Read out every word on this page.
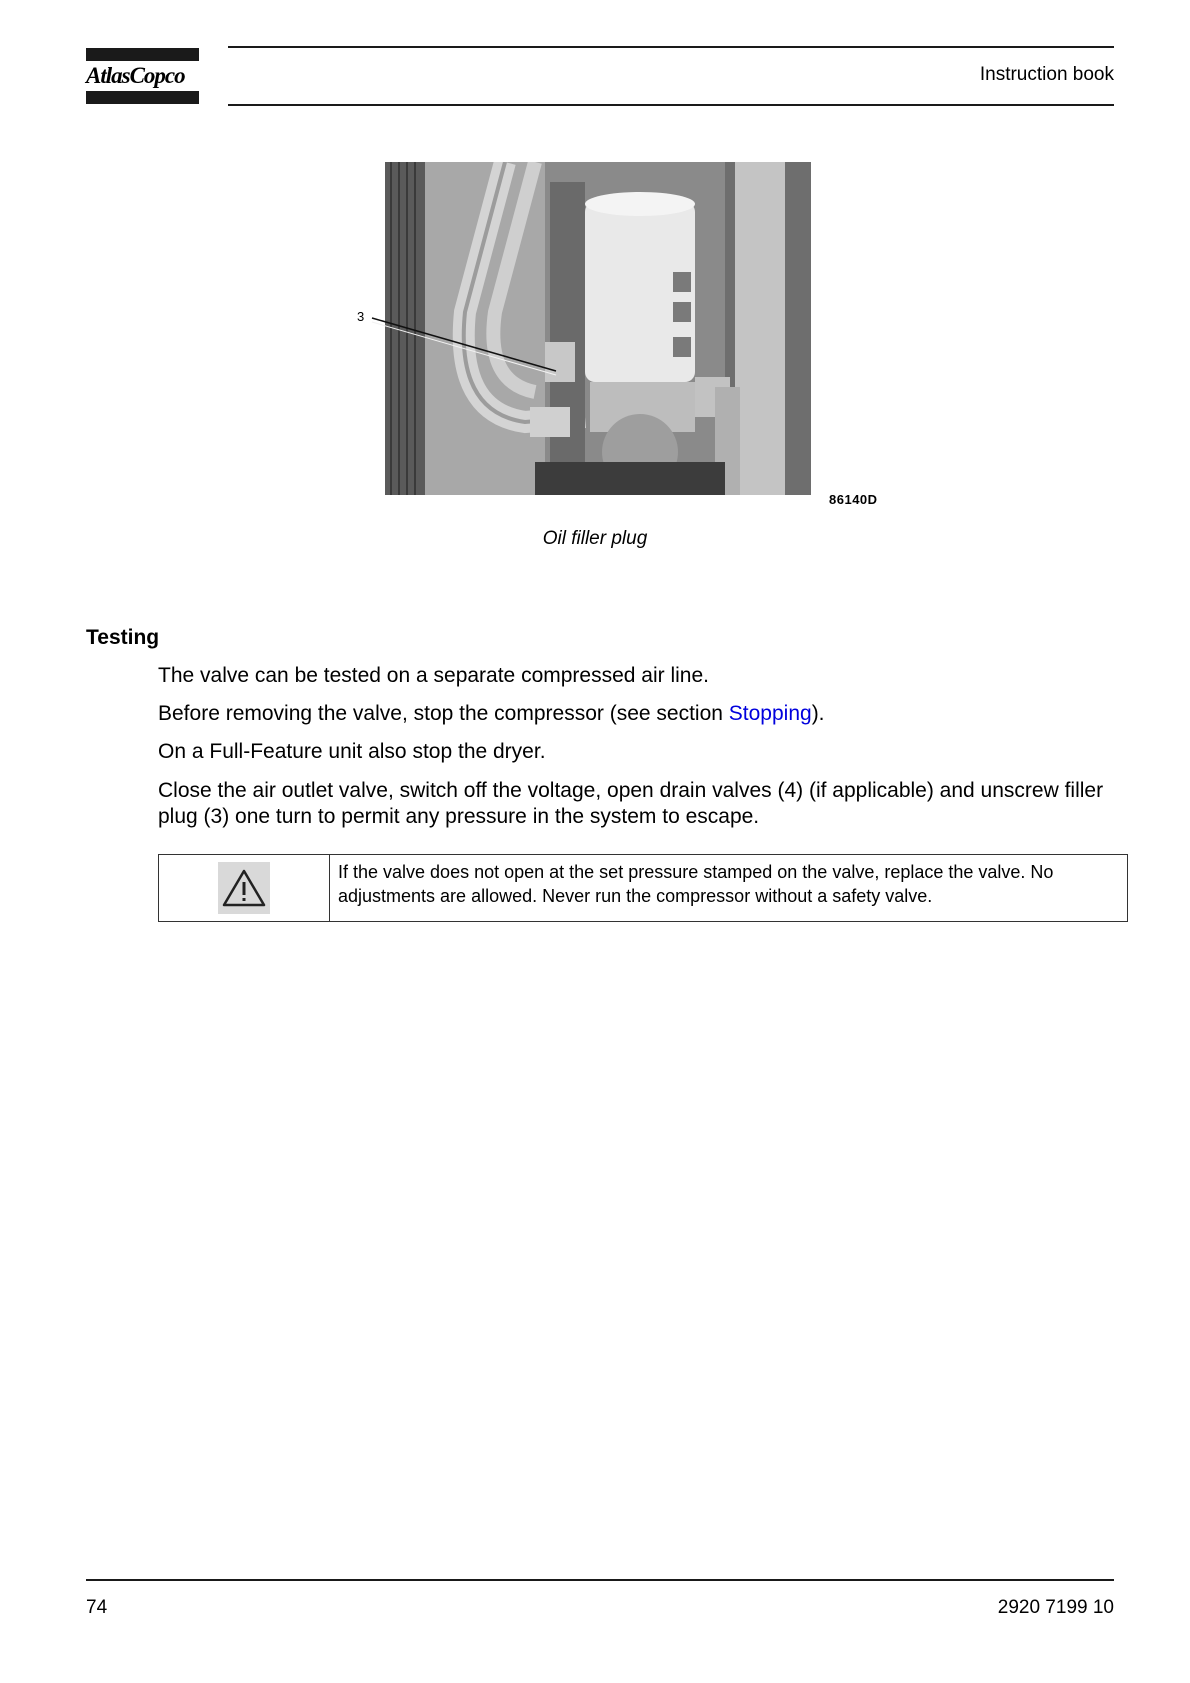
AtlasCopco	Instruction book
3
86140D
Oil filler plug
Testing
The valve can be tested on a separate compressed air line.
Before removing the valve, stop the compressor (see section Stopping).
On a Full-Feature unit also stop the dryer.
Close the air outlet valve, switch off the voltage, open drain valves (4) (if applicable) and unscrew filler plug (3) one turn to permit any pressure in the system to escape.
If the valve does not open at the set pressure stamped on the valve, replace the valve. No adjustments are allowed. Never run the compressor without a safety valve.
74	2920 7199 10
